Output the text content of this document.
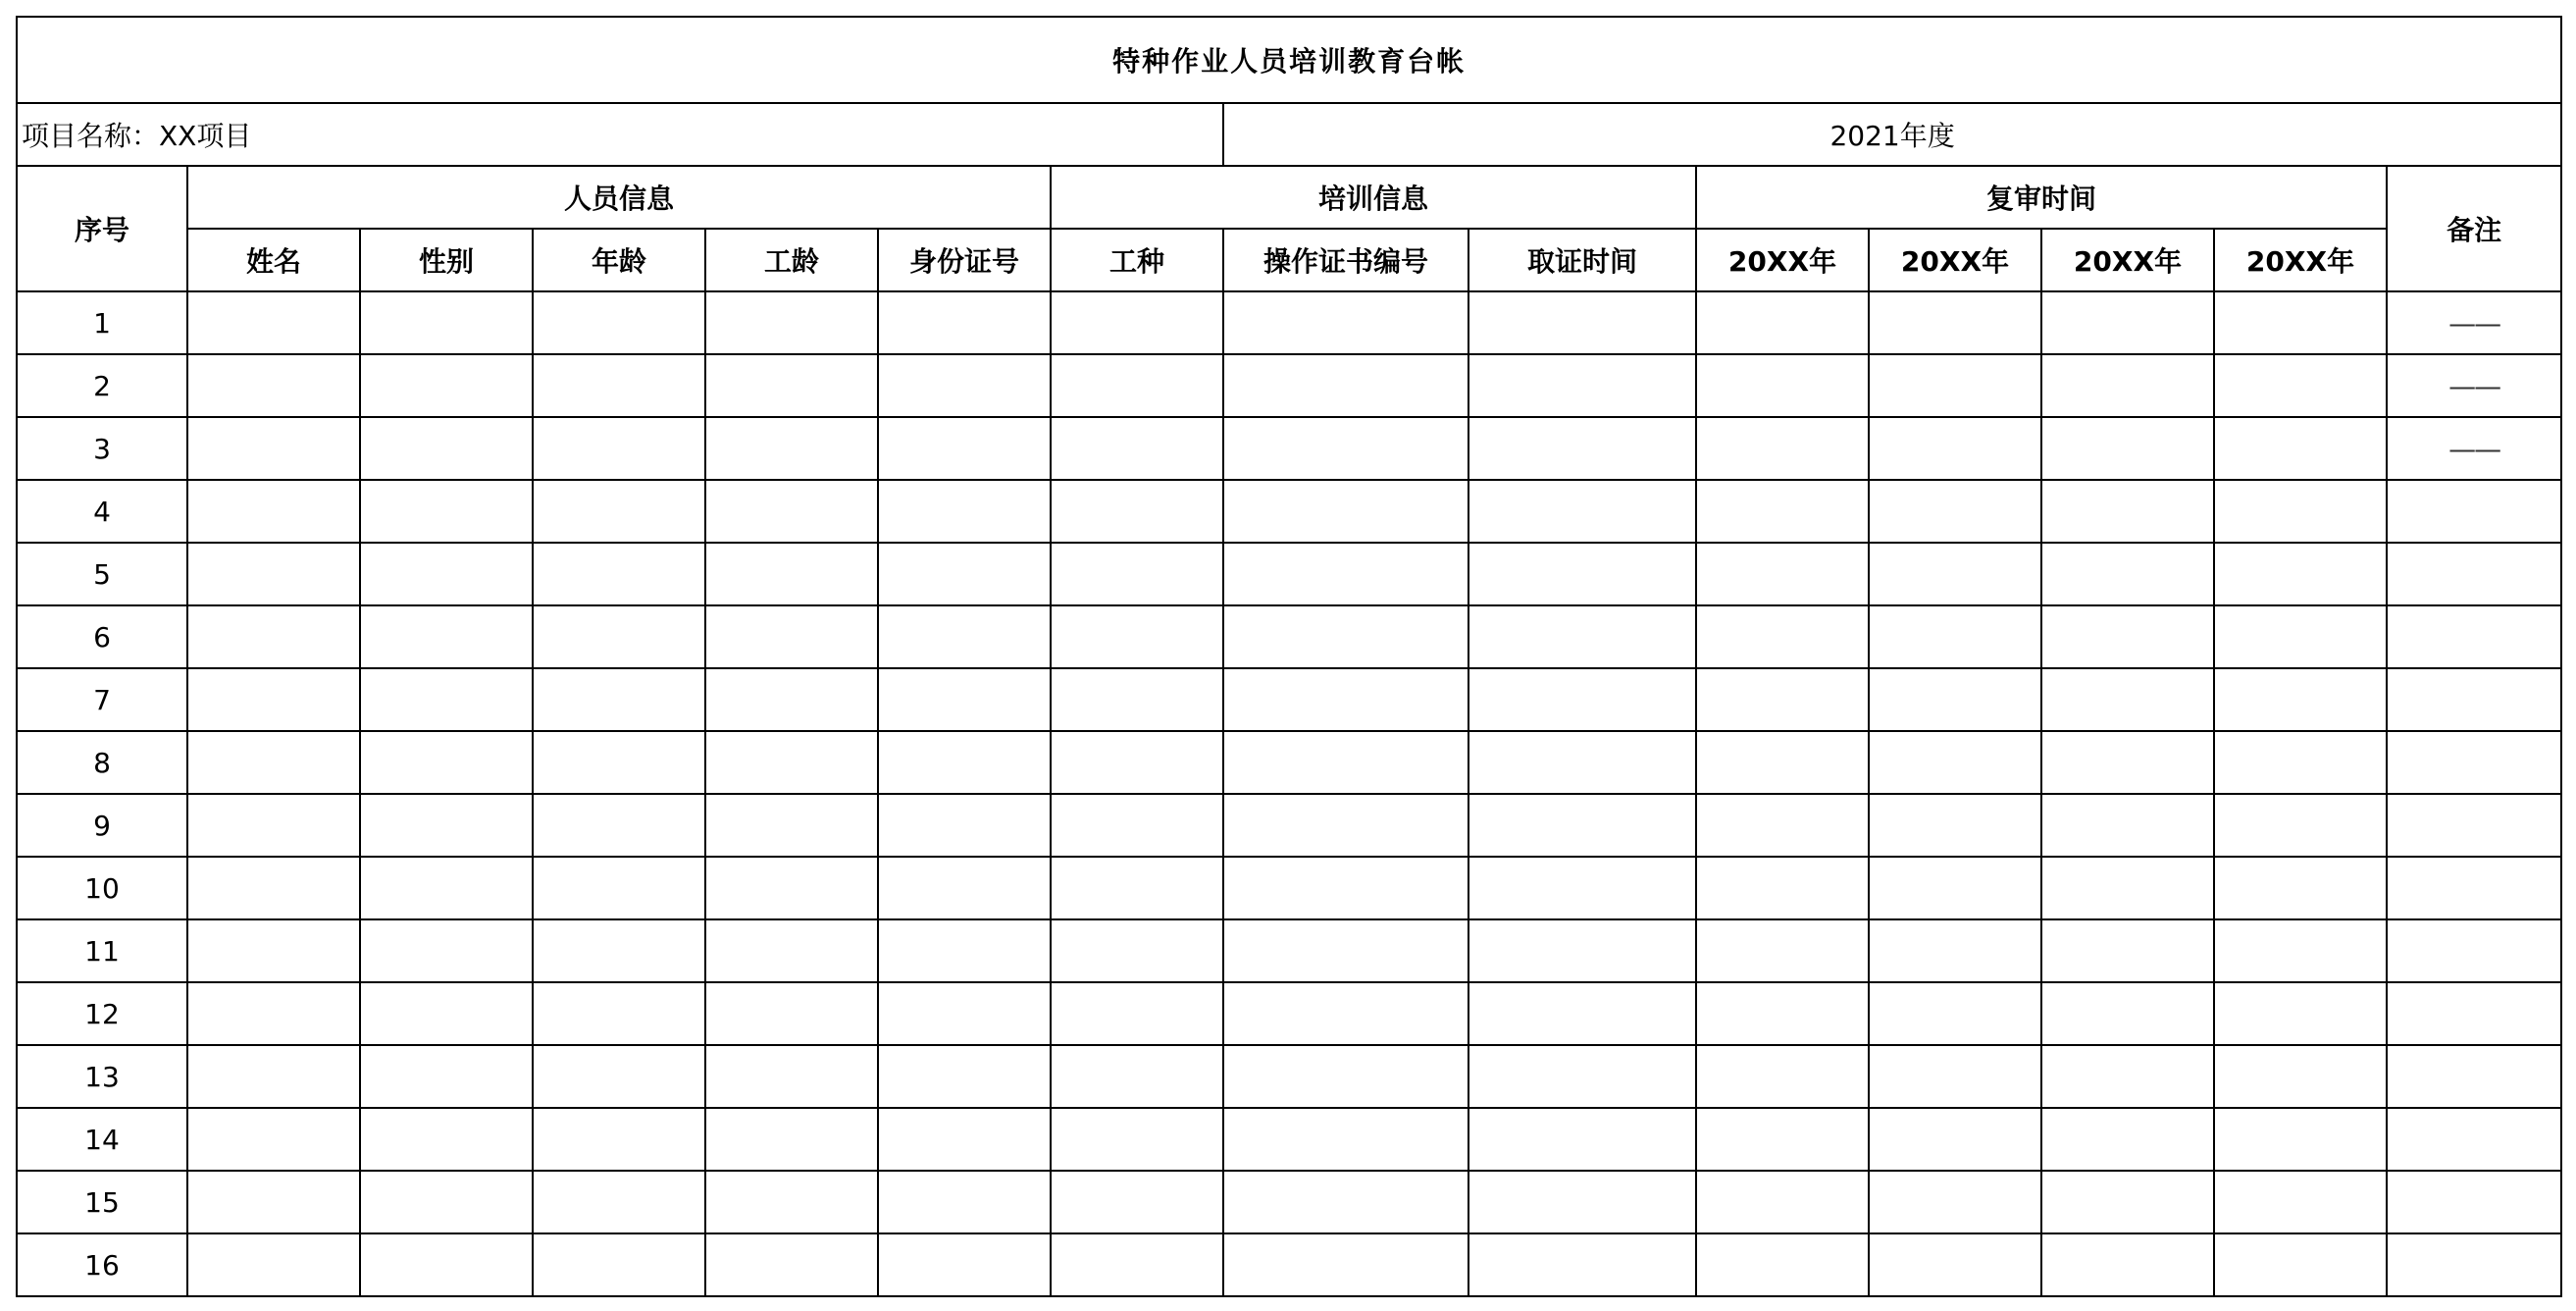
特种作业人员培训教育台帐													
项目名称：XX项目							2021年度						
序号	人员信息					培训信息			复审时间				备注
	姓名	性别	年龄	工龄	身份证号	工种	操作证书编号	取证时间	20XX年	20XX年	20XX年	20XX年	
1													——
2													——
3													——
4													
5													
6													
7													
8													
9													
10													
11													
12													
13													
14													
15													
16													
